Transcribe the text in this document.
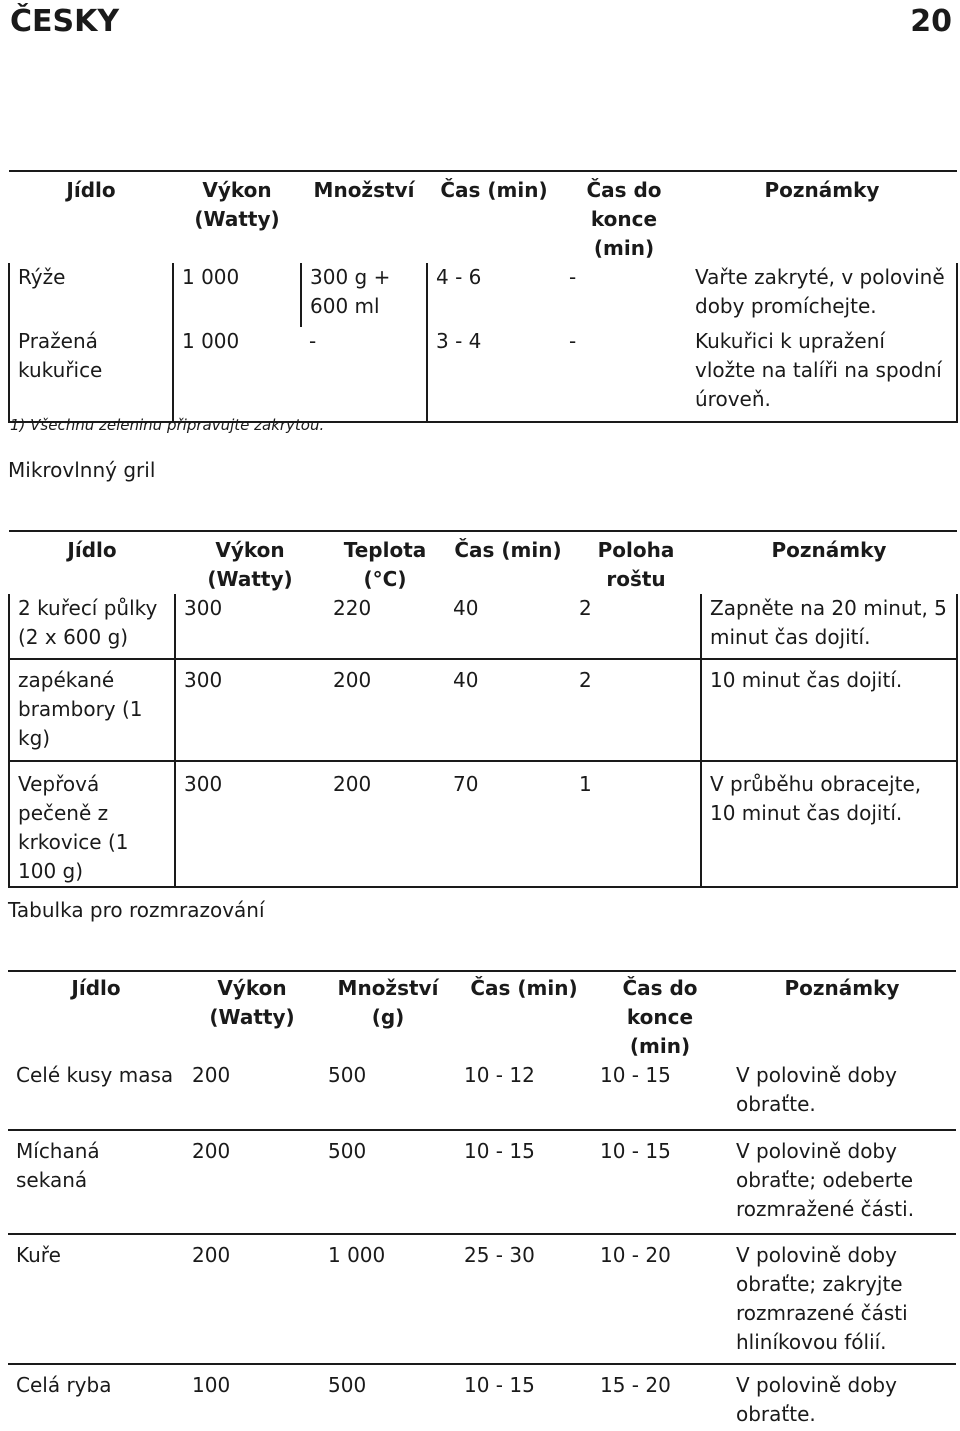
ČESKY	20
Jídlo	Výkon (Watty)	Množství	Čas (min)	Čas do konce (min)	Poznámky
Rýže	1 000	300 g + 600 ml	4 - 6	-	Vařte zakryté, v polovině doby promíchejte.
Pražená kukuřice	1 000	-	3 - 4	-	Kukuřici k upražení vložte na talíři na spodní úroveň.
1) Všechnu zeleninu připravujte zakrytou.
Mikrovlnný gril
Jídlo	Výkon (Watty)	Teplota (°C)	Čas (min)	Poloha roštu	Poznámky
2 kuřecí půlky (2 x 600 g)	300	220	40	2	Zapněte na 20 minut, 5 minut čas dojití.
zapékané brambory (1 kg)	300	200	40	2	10 minut čas dojití.
Vepřová pečeně z krkovice (1 100 g)	300	200	70	1	V průběhu obracejte, 10 minut čas dojití.
Tabulka pro rozmrazování
Jídlo	Výkon (Watty)	Množství (g)	Čas (min)	Čas do konce (min)	Poznámky
Celé kusy masa	200	500	10 - 12	10 - 15	V polovině doby obraťte.
Míchaná sekaná	200	500	10 - 15	10 - 15	V polovině doby obraťte; odeberte rozmražené části.
Kuře	200	1 000	25 - 30	10 - 20	V polovině doby obraťte; zakryjte rozmrazené části hliníkovou fólií.
Celá ryba	100	500	10 - 15	15 - 20	V polovině doby obraťte.
